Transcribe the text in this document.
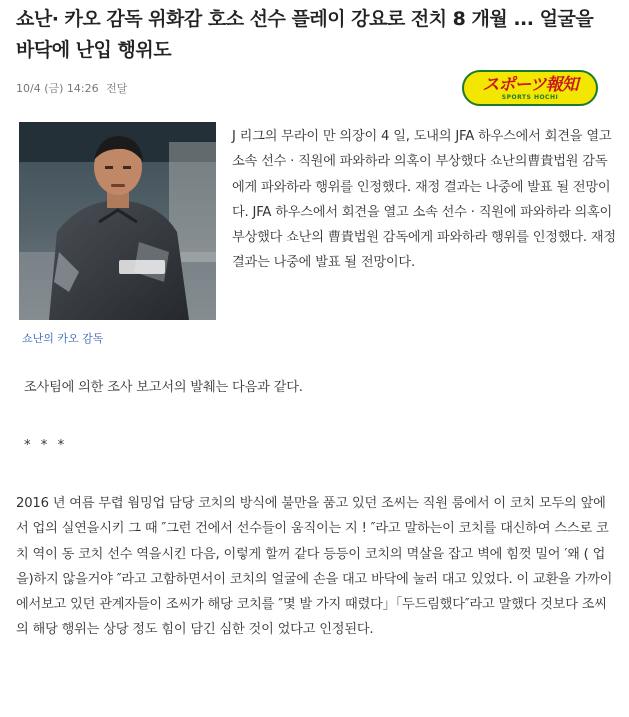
쇼난· 카오 감독 위화감 호소 선수 플레이 강요로 전치 8 개월 ... 얼굴을 바닥에 난입 행위도
10/4 (금) 14:26 전달	スポーツ報知
SPORTS HOCHI
쇼난의 카오 감독
J 리그의 무라이 만 의장이 4 일, 도내의 JFA 하우스에서 회견을 열고 소속 선수 · 직원에 파와하라 의혹이 부상했다 쇼난의曹貴법원 감독에게 파와하라 행위를 인정했다. 재정 결과는 나중에 발표 될 전망이다. JFA 하우스에서 회견을 열고 소속 선수 · 직원에 파와하라 의혹이 부상했다 쇼난의 曹貴법원 감독에게 파와하라 행위를 인정했다. 재정 결과는 나중에 발표 될 전망이다.
조사팀에 의한 조사 보고서의 발췌는 다음과 같다.
* * *
2016 년 여름 무렵 웜밍업 담당 코치의 방식에 불만을 품고 있던 조씨는 직원 룸에서 이 코치 모두의 앞에서 업의 실연을시키 그 때 ″그런 건에서 선수들이 움직이는 지 ! ″라고 말하는이 코치를 대신하여 스스로 코치 역이 동 코치 선수 역을시킨 다음, 이렇게 할꺼 같다 등등이 코치의 멱살을 잡고 벽에 힘껏 밀어 ′왜 ( 업을)하지 않을거야 ″라고 고함하면서이 코치의 얼굴에 손을 대고 바닥에 눌러 대고 있었다. 이 교환을 가까이에서보고 있던 관계자들이 조씨가 해당 코치를 ″몇 발 가지 때렸다」「두드림했다″라고 말했다 것보다 조씨의 해당 행위는 상당 정도 힘이 담긴 심한 것이 었다고 인정된다.
